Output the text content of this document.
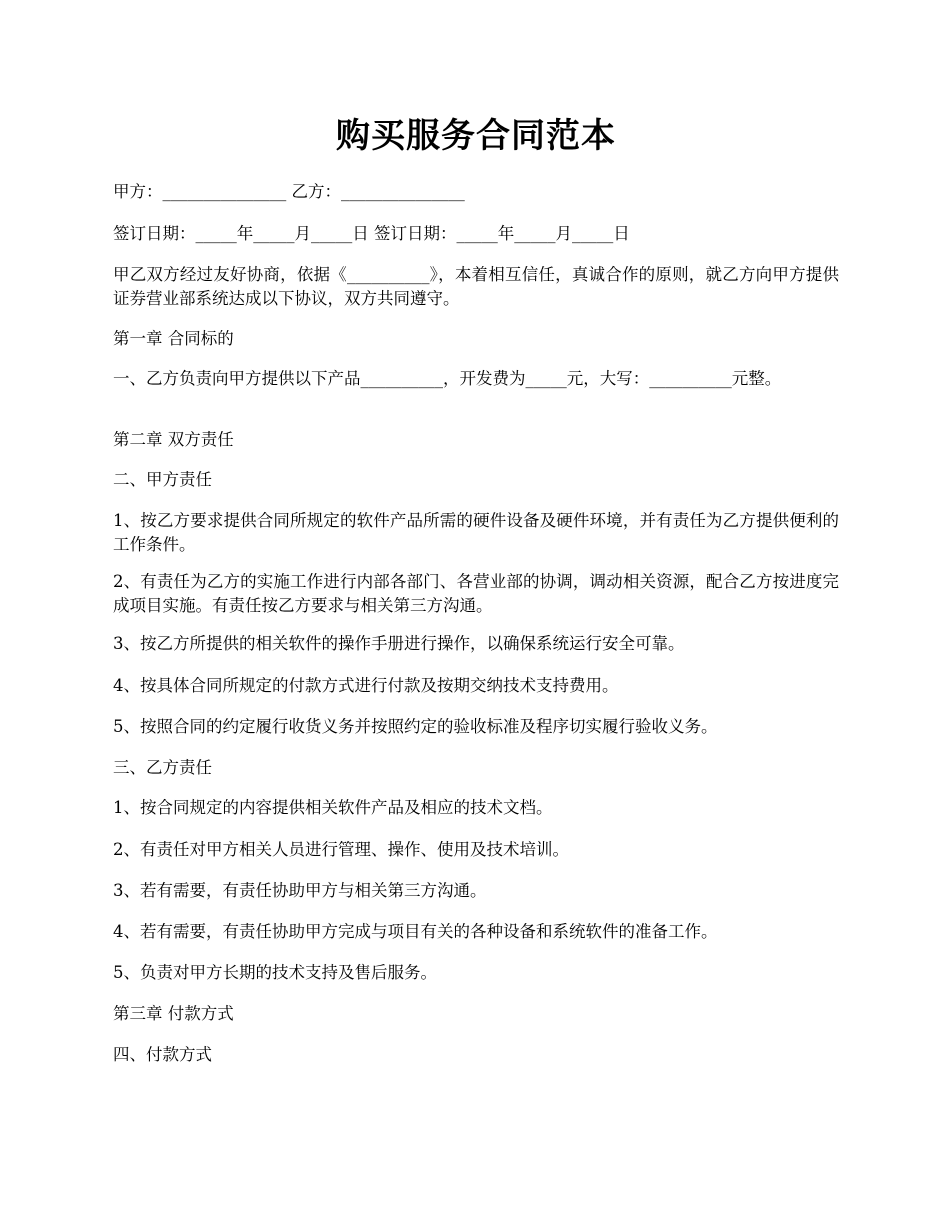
购买服务合同范本
甲方：_______________ 乙方：_______________
签订日期：_____年_____月_____日 签订日期：_____年_____月_____日
甲乙双方经过友好协商，依据《__________》，本着相互信任，真诚合作的原则，就乙方向甲方提供证券营业部系统达成以下协议，双方共同遵守。
第一章 合同标的
一、乙方负责向甲方提供以下产品__________，开发费为_____元，大写：__________元整。
第二章 双方责任
二、甲方责任
1、按乙方要求提供合同所规定的软件产品所需的硬件设备及硬件环境，并有责任为乙方提供便利的工作条件。
2、有责任为乙方的实施工作进行内部各部门、各营业部的协调，调动相关资源，配合乙方按进度完成项目实施。有责任按乙方要求与相关第三方沟通。
3、按乙方所提供的相关软件的操作手册进行操作，以确保系统运行安全可靠。
4、按具体合同所规定的付款方式进行付款及按期交纳技术支持费用。
5、按照合同的约定履行收货义务并按照约定的验收标准及程序切实履行验收义务。
三、乙方责任
1、按合同规定的内容提供相关软件产品及相应的技术文档。
2、有责任对甲方相关人员进行管理、操作、使用及技术培训。
3、若有需要，有责任协助甲方与相关第三方沟通。
4、若有需要，有责任协助甲方完成与项目有关的各种设备和系统软件的准备工作。
5、负责对甲方长期的技术支持及售后服务。
第三章 付款方式
四、付款方式
